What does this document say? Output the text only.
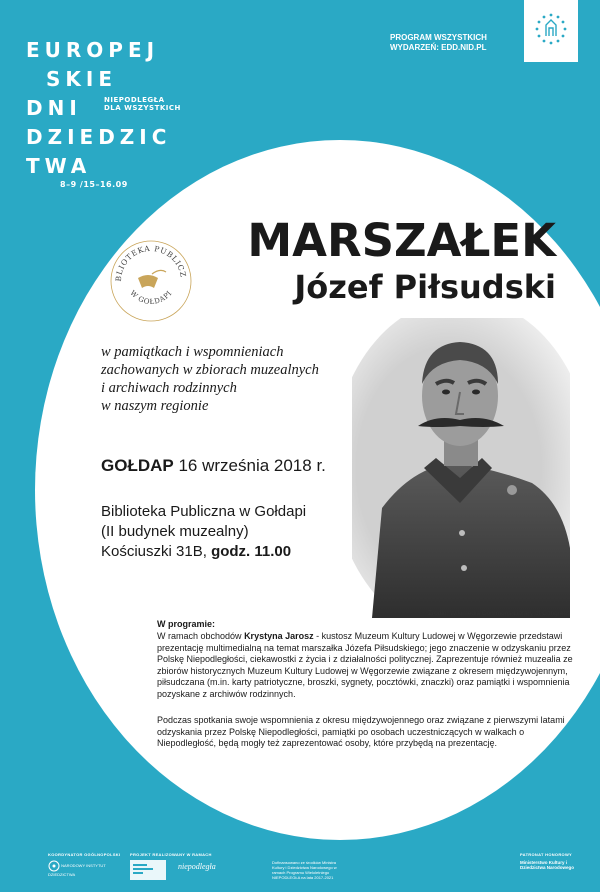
EUROPEJ
SKIE
DNI
DZIEDZIC
TWA
NIEPODLEGŁA
DLA WSZYSTKICH
8–9 /15–16.09
PROGRAM WSZYSTKICH
WYDARZEŃ: EDD.NID.PL
BLIOTEKA PUBLICZ
W GOŁDAPI
MARSZAŁEK
Józef Piłsudski
w pamiątkach i wspomnieniach
zachowanych w zbiorach muzealnych
i archiwach rodzinnych
w naszym regionie
GOŁDAP 16 września 2018 r.
Biblioteka Publiczna w Gołdapi
(II budynek muzealny)
Kościuszki 31B, godz. 11.00
Źródło: Wikimedia Commons/Library of Congress
W programie:
W ramach obchodów Krystyna Jarosz - kustosz Muzeum Kultury Ludowej w Węgorzewie przedstawi prezentację multimedialną na temat marszałka Józefa Piłsudskiego; jego znaczenie w odzyskaniu przez Polskę Niepodległości, ciekawostki z życia i z działalności politycznej. Zaprezentuje również muzealia ze zbiorów historycznych Muzeum Kultury Ludowej w Węgorzewie związane z okresem międzywojennym, piłsudczana (m.in. karty patriotyczne, broszki, sygnety, pocztówki, znaczki) oraz pamiątki i wspomnienia pozyskane z archiwów rodzinnych.
Podczas spotkania swoje wspomnienia z okresu międzywojennego oraz związane z pierwszymi latami odzyskania przez Polskę Niepodległości, pamiątki po osobach uczestniczących w walkach o Niepodległość, będą mogły też zaprezentować osoby, które przybędą na prezentację.
KOORDYNATOR OGÓLNOPOLSKI PROJEKT REALIZOWANY W RAMACH	PATRONAT HONOROWY
NARODOWY INSTYTUT DZIEDZICTWA
niepodległa	Dofinansowano ze środków Ministra Kultury i Dziedzictwa Narodowego w ramach Programu Wieloletniego NIEPODLEGŁA na lata 2017-2021
Ministerstwo Kultury i Dziedzictwa Narodowego
